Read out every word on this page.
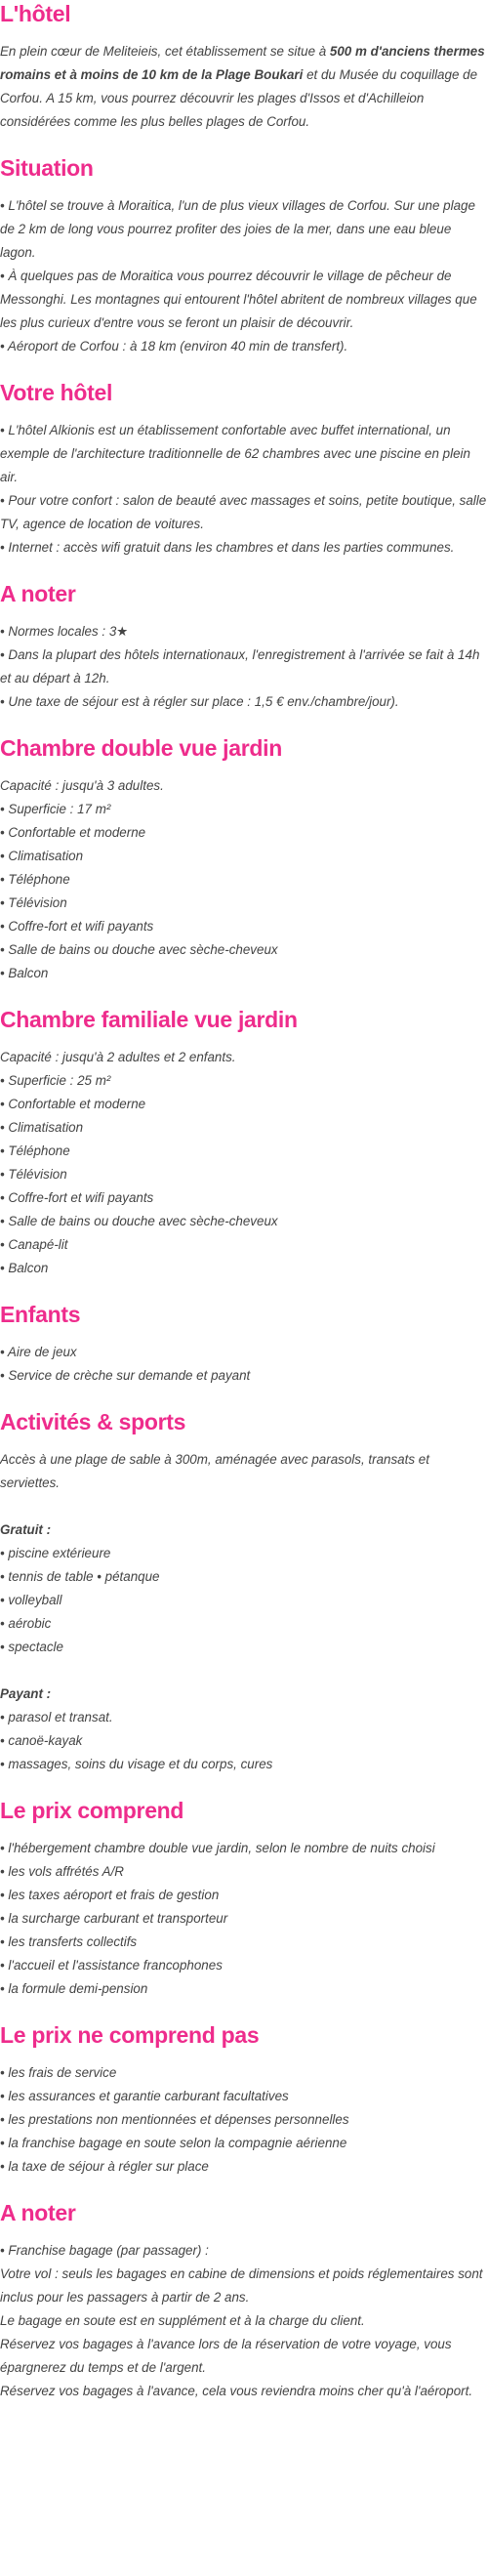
L'hôtel

En plein cœur de Meliteieis, cet établissement se situe à 500 m d'anciens thermes romains et à moins de 10 km de la Plage Boukari et du Musée du coquillage de Corfou. A 15 km, vous pourrez découvrir les plages d'Issos et d'Achilleion considérées comme les plus belles plages de Corfou.

Situation
• L'hôtel se trouve à Moraitica, l'un de plus vieux villages de Corfou. Sur une plage de 2 km de long vous pourrez profiter des joies de la mer, dans une eau bleue lagon.
• À quelques pas de Moraitica vous pourrez découvrir le village de pêcheur de Messonghi. Les montagnes qui entourent l'hôtel abritent de nombreux villages que les plus curieux d'entre vous se feront un plaisir de découvrir.
• Aéroport de Corfou : à 18 km (environ 40 min de transfert).
Votre hôtel
• L'hôtel Alkionis est un établissement confortable avec buffet international, un exemple de l'architecture traditionnelle de 62 chambres avec une piscine en plein air.
• Pour votre confort : salon de beauté avec massages et soins, petite boutique, salle TV, agence de location de voitures.
• Internet : accès wifi gratuit dans les chambres et dans les parties communes.
A noter
• Normes locales : 3★
• Dans la plupart des hôtels internationaux, l'enregistrement à l'arrivée se fait à 14h et au départ à 12h.
• Une taxe de séjour est à régler sur place : 1,5 € env./chambre/jour).
Chambre double vue jardin
Capacité : jusqu'à 3 adultes.
• Superficie : 17 m²
• Confortable et moderne
• Climatisation
• Téléphone
• Télévision
• Coffre-fort et wifi payants
• Salle de bains ou douche avec sèche-cheveux
• Balcon
Chambre familiale vue jardin
Capacité : jusqu'à 2 adultes et 2 enfants.
• Superficie : 25 m²
• Confortable et moderne
• Climatisation
• Téléphone
• Télévision
• Coffre-fort et wifi payants
• Salle de bains ou douche avec sèche-cheveux
• Canapé-lit
• Balcon
Enfants
• Aire de jeux
• Service de crèche sur demande et payant
Activités & sports
Accès à une plage de sable à 300m, aménagée avec parasols, transats et serviettes.
Gratuit :
• piscine extérieure
• tennis de table • pétanque
• volleyball
• aérobic
• spectacle
Payant :
• parasol et transat.
• canoë-kayak
• massages, soins du visage et du corps, cures
Le prix comprend
• l'hébergement chambre double vue jardin, selon le nombre de nuits choisi
• les vols affrétés A/R
• les taxes aéroport et frais de gestion
• la surcharge carburant et transporteur
• les transferts collectifs
• l'accueil et l'assistance francophones
• la formule demi-pension
Le prix ne comprend pas
• les frais de service
• les assurances et garantie carburant facultatives
• les prestations non mentionnées et dépenses personnelles
• la franchise bagage en soute selon la compagnie aérienne
• la taxe de séjour à régler sur place
A noter
• Franchise bagage (par passager) :
Votre vol : seuls les bagages en cabine de dimensions et poids réglementaires sont inclus pour les passagers à partir de 2 ans.
Le bagage en soute est en supplément et à la charge du client.
Réservez vos bagages à l'avance lors de la réservation de votre voyage, vous épargnerez du temps et de l'argent.
Réservez vos bagages à l'avance, cela vous reviendra moins cher qu'à l'aéroport.
